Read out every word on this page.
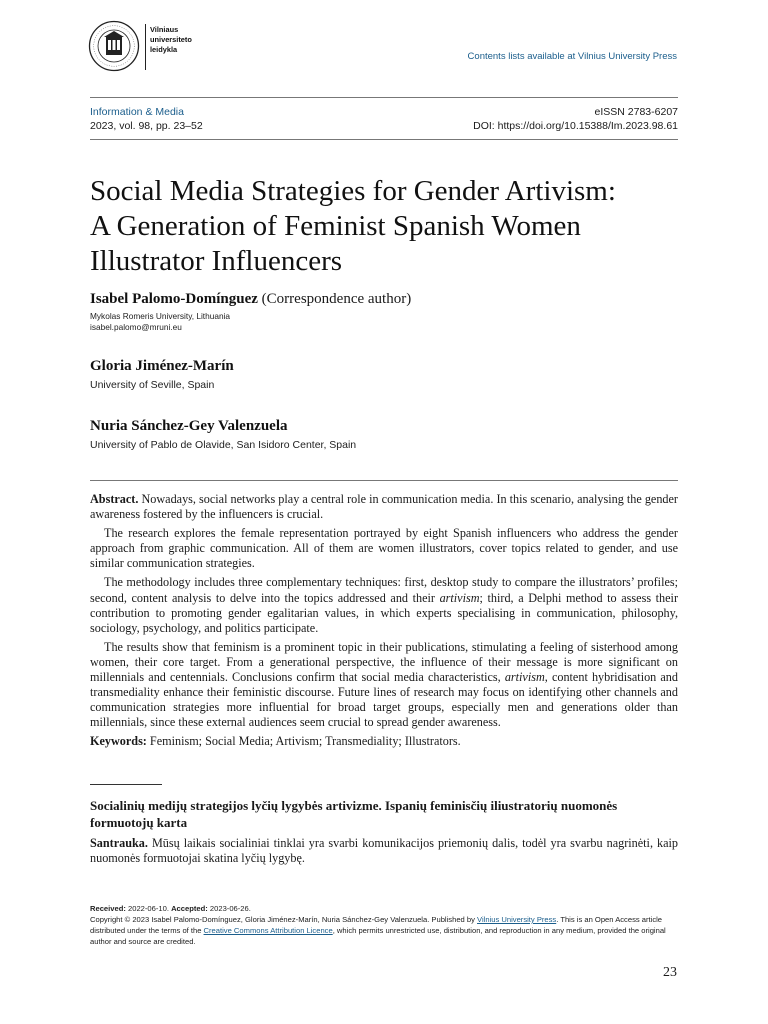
Vilniaus
universiteto
leidykla
Contents lists available at Vilnius University Press
Information & Media
2023, vol. 98, pp. 23–52
eISSN 2783-6207
DOI: https://doi.org/10.15388/Im.2023.98.61
Social Media Strategies for Gender Artivism:
A Generation of Feminist Spanish Women
Illustrator Influencers
Isabel Palomo-Domínguez (Correspondence author)
Mykolas Romeris University, Lithuania
isabel.palomo@mruni.eu
Gloria Jiménez-Marín
University of Seville, Spain
Nuria Sánchez-Gey Valenzuela
University of Pablo de Olavide, San Isidoro Center, Spain

Abstract. Nowadays, social networks play a central role in communication media. In this scenario, analysing the gender awareness fostered by the influencers is crucial.

The research explores the female representation portrayed by eight Spanish influencers who address the gender approach from graphic communication. All of them are women illustrators, cover topics related to gender, and use similar communication strategies.

The methodology includes three complementary techniques: first, desktop study to compare the illustrators’ profiles; second, content analysis to delve into the topics addressed and their artivism; third, a Delphi method to assess their contribution to promoting gender egalitarian values, in which experts specialising in communication, philosophy, sociology, psychology, and politics participate.

The results show that feminism is a prominent topic in their publications, stimulating a feeling of sisterhood among women, their core target. From a generational perspective, the influence of their message is more significant on millennials and centennials. Conclusions confirm that social media characteristics, artivism, content hybridisation and transmediality enhance their feministic discourse. Future lines of research may focus on identifying other channels and communication strategies more influential for broad target groups, especially men and generations older than millennials, since these external audiences seem crucial to spread gender awareness.

Keywords: Feminism; Social Media; Artivism; Transmediality; Illustrators.
Socialinių medijų strategijos lyčių lygybės artivizme. Ispanių feminisčių iliustratorių nuomonės formuotojų karta
Santrauka. Mūsų laikais socialiniai tinklai yra svarbi komunikacijos priemonių dalis, todėl yra svarbu nagrinėti, kaip nuomonės formuotojai skatina lyčių lygybę.
Received: 2022-06-10. Accepted: 2023-06-26.
Copyright © 2023 Isabel Palomo-Domínguez, Gloria Jiménez-Marín, Nuria Sánchez-Gey Valenzuela. Published by Vilnius University Press. This is an Open Access article distributed under the terms of the Creative Commons Attribution Licence, which permits unrestricted use, distribution, and reproduction in any medium, provided the original author and source are credited.
23
